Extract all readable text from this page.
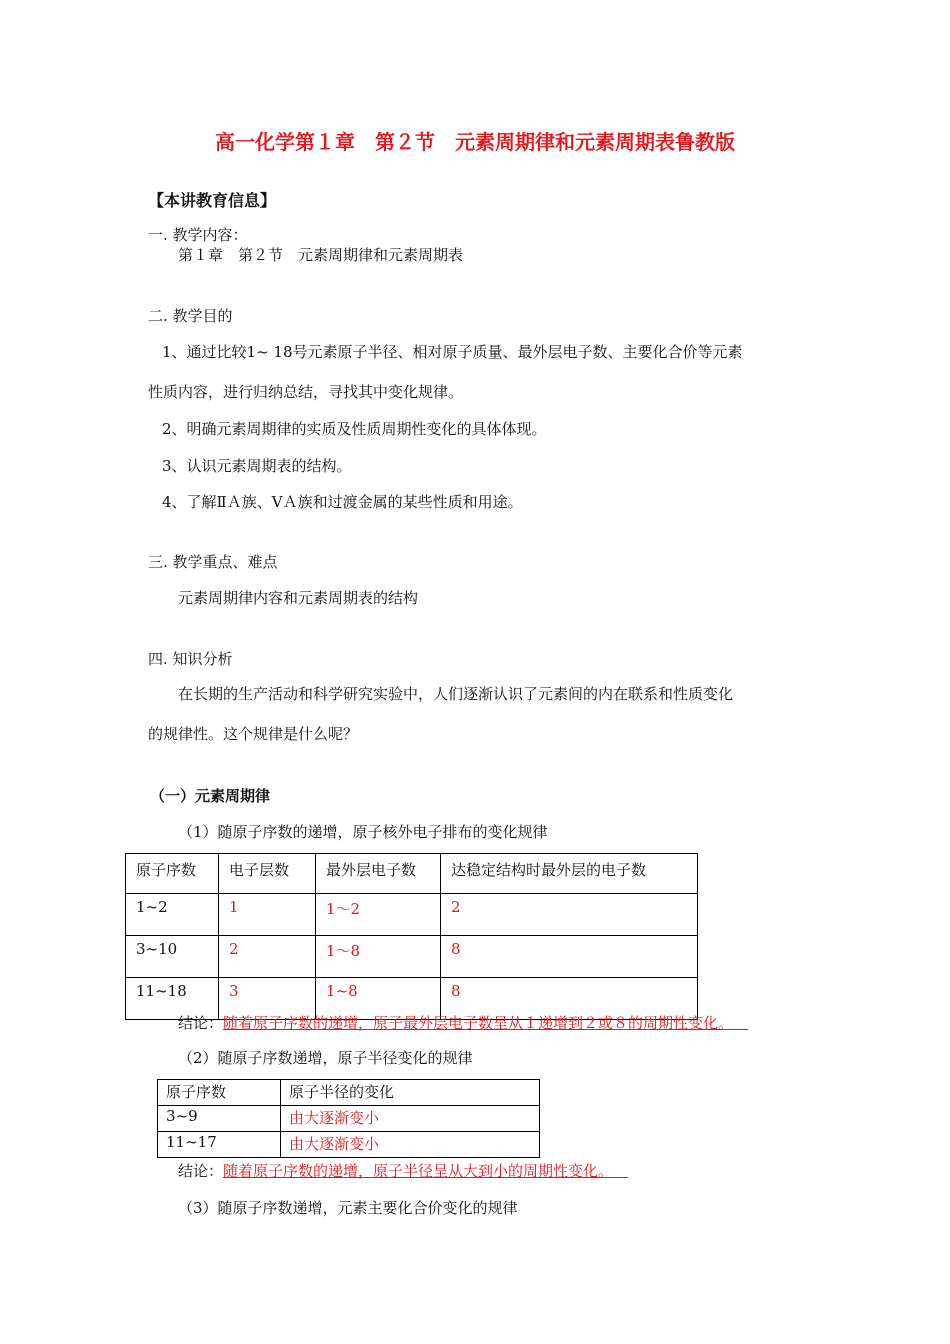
高一化学第１章　第２节　元素周期律和元素周期表鲁教版
【本讲教育信息】
一. 教学内容：
第１章　第２节　元素周期律和元素周期表
二. 教学目的
1、通过比较1~ 18号元素原子半径、相对原子质量、最外层电子数、主要化合价等元素
性质内容，进行归纳总结，寻找其中变化规律。
2、明确元素周期律的实质及性质周期性变化的具体体现。
3、认识元素周期表的结构。
4、了解ⅡＡ族、ⅤＡ族和过渡金属的某些性质和用途。
三. 教学重点、难点
元素周期律内容和元素周期表的结构
四. 知识分析
在长期的生产活动和科学研究实验中，人们逐渐认识了元素间的内在联系和性质变化
的规律性。这个规律是什么呢？
（一）元素周期律
（1）随原子序数的递增，原子核外电子排布的变化规律
原子序数	电子层数	最外层电子数	达稳定结构时最外层的电子数
1~2	1	1～2	2
3~10	2	1～8	8
11~18	3	1~8	8
结论：随着原子序数的递增，原子最外层电子数呈从１递增到２或８的周期性变化。 
（2）随原子序数递增，原子半径变化的规律
原子序数	原子半径的变化
3~9	由大逐渐变小
11~17	由大逐渐变小
结论：随着原子序数的递增，原子半径呈从大到小的周期性变化。 
（3）随原子序数递增，元素主要化合价变化的规律
